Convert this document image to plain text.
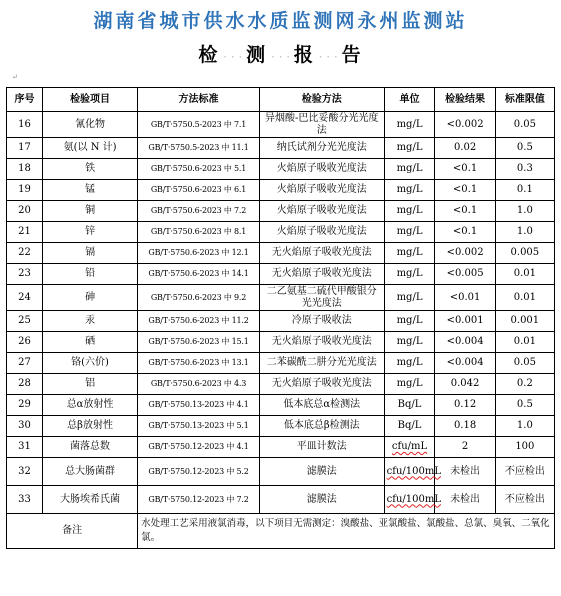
湖南省城市供水水质监测网永州监测站
检 · · · 测 · · · 报 · · · 告
↵
序号	检验项目	方法标准	检验方法	单位	检验结果	标准限值
16	氰化物	GB/T·5750.5-2023 中 7.1	异烟酸-巴比妥酸分光光度法	mg/L	<0.002	0.05
17	氨(以 N 计)	GB/T·5750.5-2023 中 11.1	纳氏试剂分光光度法	mg/L	0.02	0.5
18	铁	GB/T·5750.6-2023 中 5.1	火焰原子吸收光度法	mg/L	<0.1	0.3
19	锰	GB/T·5750.6-2023 中 6.1	火焰原子吸收光度法	mg/L	<0.1	0.1
20	铜	GB/T·5750.6-2023 中 7.2	火焰原子吸收光度法	mg/L	<0.1	1.0
21	锌	GB/T·5750.6-2023 中 8.1	火焰原子吸收光度法	mg/L	<0.1	1.0
22	镉	GB/T·5750.6-2023 中 12.1	无火焰原子吸收光度法	mg/L	<0.002	0.005
23	铅	GB/T·5750.6-2023 中 14.1	无火焰原子吸收光度法	mg/L	<0.005	0.01
24	砷	GB/T·5750.6-2023 中 9.2	二乙氨基二硫代甲酸银分光光度法	mg/L	<0.01	0.01
25	汞	GB/T·5750.6-2023 中 11.2	冷原子吸收法	mg/L	<0.001	0.001
26	硒	GB/T·5750.6-2023 中 15.1	无火焰原子吸收光度法	mg/L	<0.004	0.01
27	铬(六价)	GB/T·5750.6-2023 中 13.1	二苯碳酰二肼分光光度法	mg/L	<0.004	0.05
28	铝	GB/T·5750.6-2023 中 4.3	无火焰原子吸收光度法	mg/L	0.042	0.2
29	总α放射性	GB/T·5750.13-2023 中 4.1	低本底总α检测法	Bq/L	0.12	0.5
30	总β放射性	GB/T·5750.13-2023 中 5.1	低本底总β检测法	Bq/L	0.18	1.0
31	菌落总数	GB/T·5750.12-2023 中 4.1	平皿计数法	cfu/mL	2	100
32	总大肠菌群	GB/T·5750.12-2023 中 5.2	滤膜法	cfu/100mL	未检出	不应检出
33	大肠埃希氏菌	GB/T·5750.12-2023 中 7.2	滤膜法	cfu/100mL	未检出	不应检出
备注		水处理工艺采用液氯消毒，以下项目无需测定：溴酸盐、亚氯酸盐、氯酸盐、总氯、臭氧、二氧化氯。				
